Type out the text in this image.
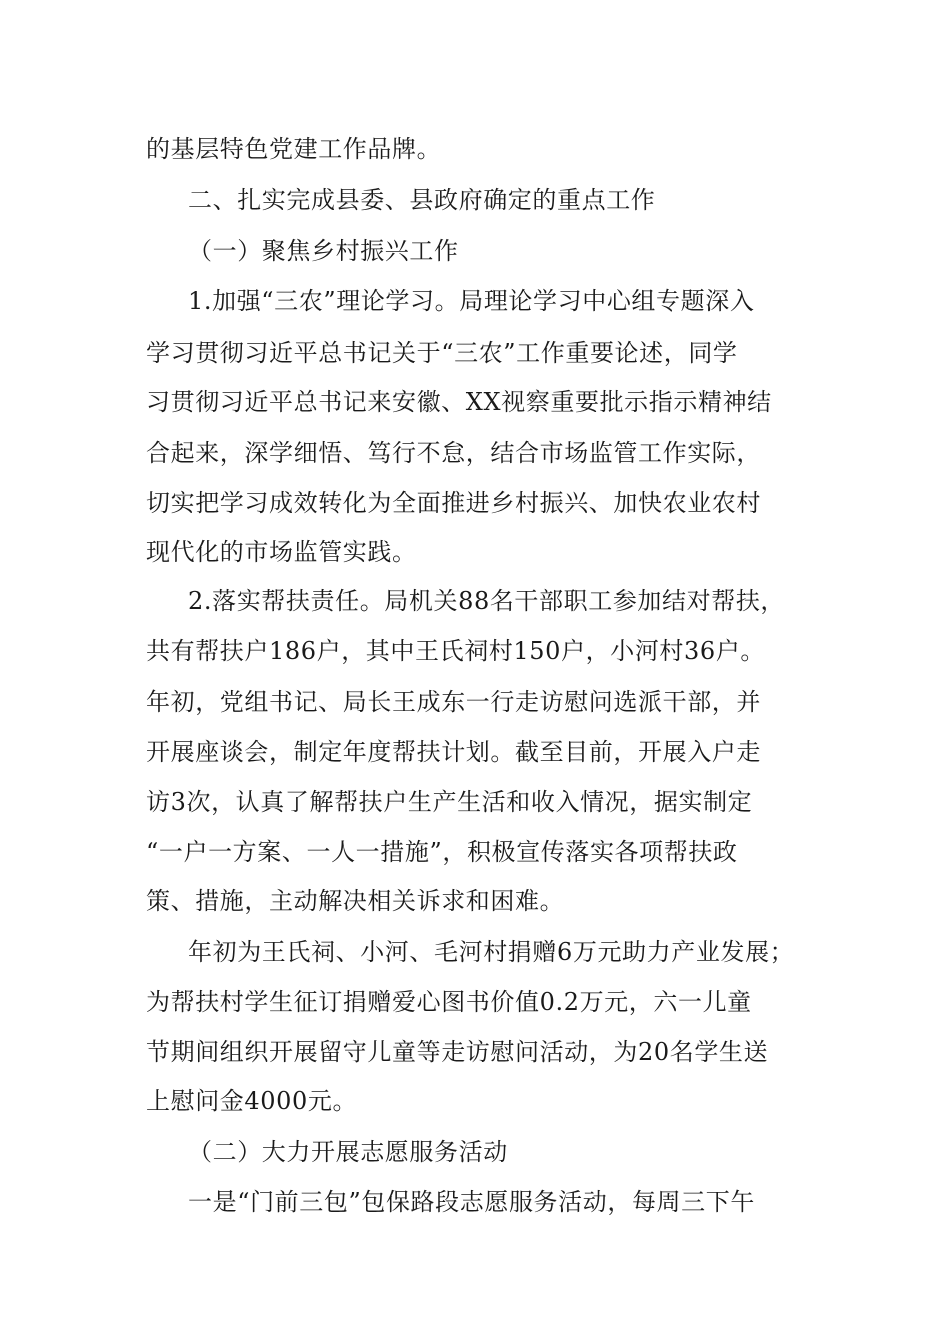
的基层特色党建工作品牌。
二、扎实完成县委、县政府确定的重点工作
（一）聚焦乡村振兴工作
1.加强“三农”理论学习。局理论学习中心组专题深入
学习贯彻习近平总书记关于“三农”工作重要论述，同学
习贯彻习近平总书记来安徽、XX视察重要批示指示精神结
合起来，深学细悟、笃行不怠，结合市场监管工作实际，
切实把学习成效转化为全面推进乡村振兴、加快农业农村
现代化的市场监管实践。
2.落实帮扶责任。局机关88名干部职工参加结对帮扶，
共有帮扶户186户，其中王氏祠村150户，小河村36户。
年初，党组书记、局长王成东一行走访慰问选派干部，并
开展座谈会，制定年度帮扶计划。截至目前，开展入户走
访3次，认真了解帮扶户生产生活和收入情况，据实制定
“一户一方案、一人一措施”，积极宣传落实各项帮扶政
策、措施，主动解决相关诉求和困难。
年初为王氏祠、小河、毛河村捐赠6万元助力产业发展；
为帮扶村学生征订捐赠爱心图书价值0.2万元，六一儿童
节期间组织开展留守儿童等走访慰问活动，为20名学生送
上慰问金4000元。
（二）大力开展志愿服务活动
一是“门前三包”包保路段志愿服务活动，每周三下午
